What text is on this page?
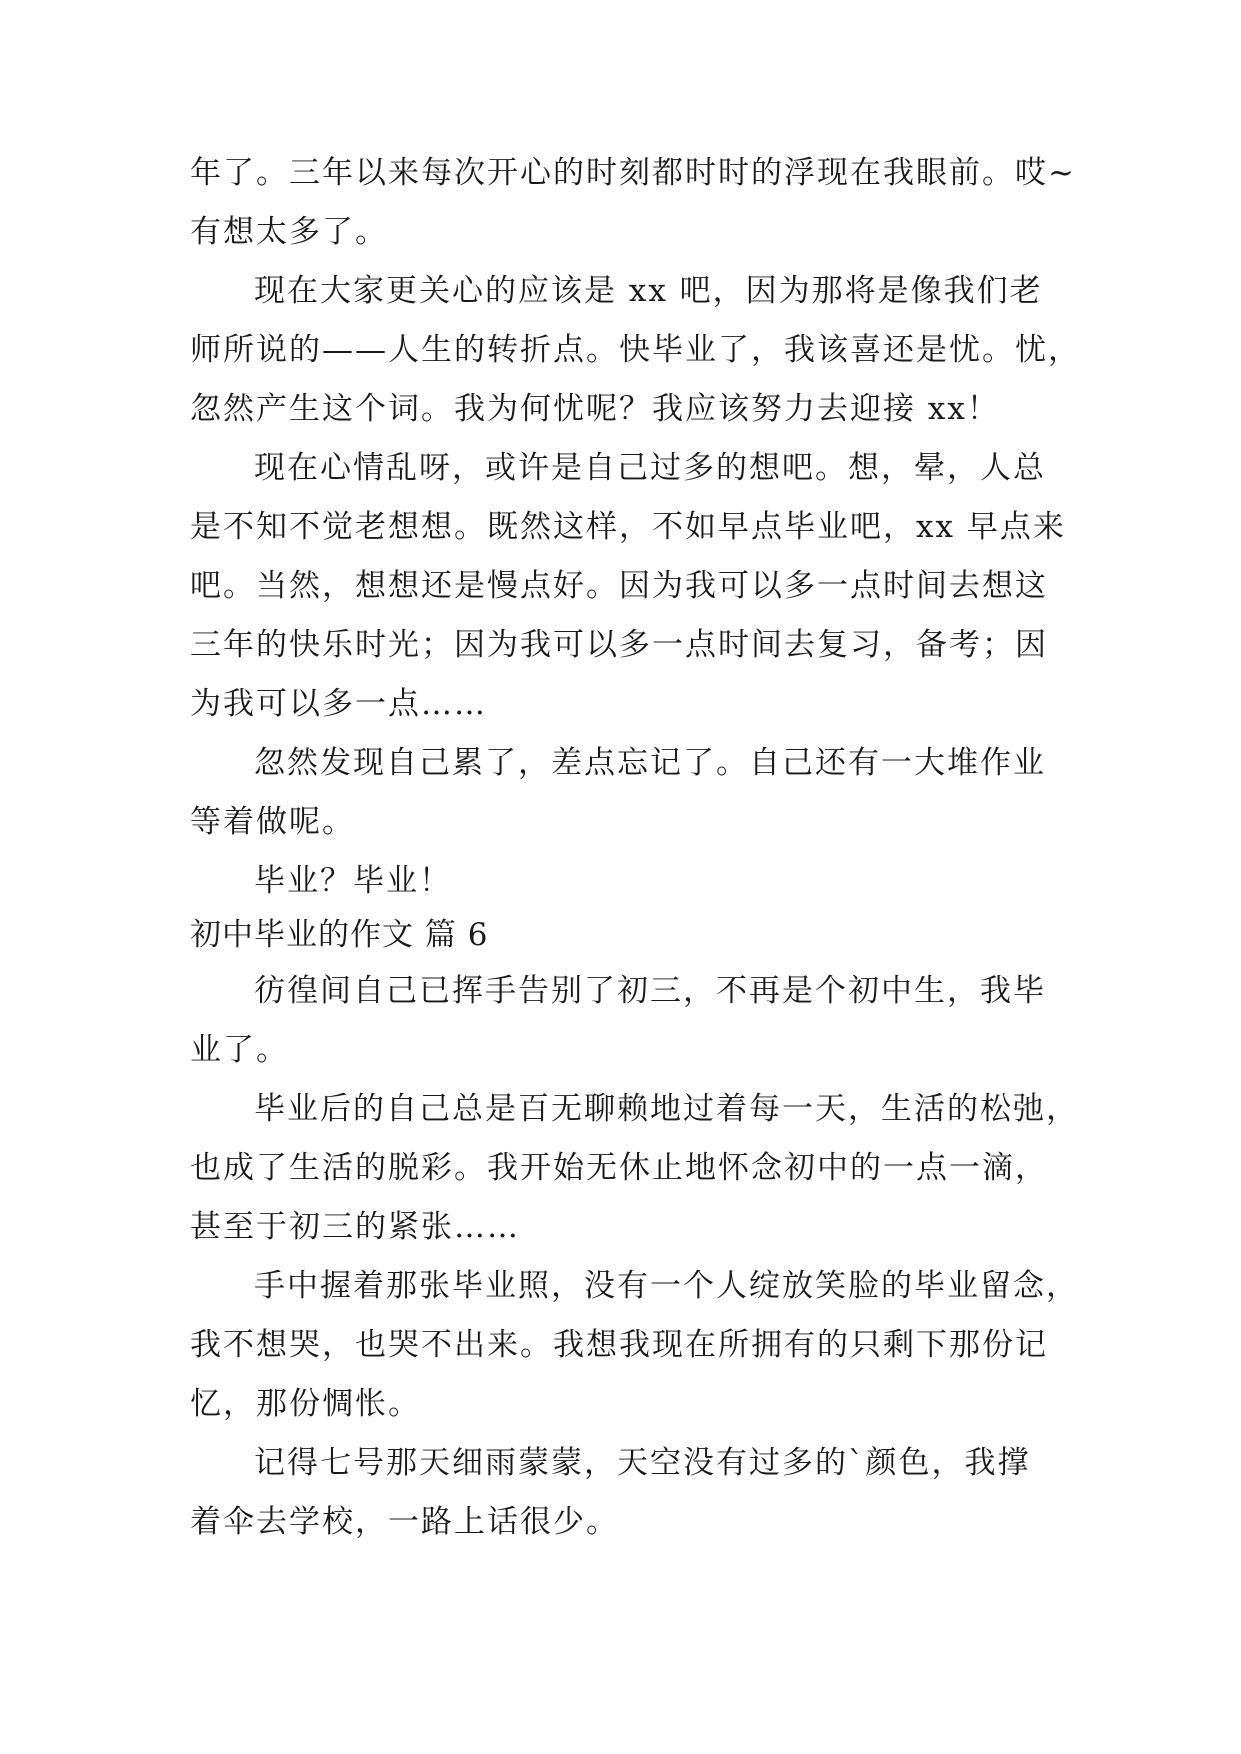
年了。三年以来每次开心的时刻都时时的浮现在我眼前。哎~
有想太多了。
现在大家更关心的应该是 xx 吧，因为那将是像我们老
师所说的——人生的转折点。快毕业了，我该喜还是忧。忧，
忽然产生这个词。我为何忧呢？我应该努力去迎接 xx！
现在心情乱呀，或许是自己过多的想吧。想，晕，人总
是不知不觉老想想。既然这样，不如早点毕业吧，xx 早点来
吧。当然，想想还是慢点好。因为我可以多一点时间去想这
三年的快乐时光；因为我可以多一点时间去复习，备考；因
为我可以多一点……
忽然发现自己累了，差点忘记了。自己还有一大堆作业
等着做呢。
毕业？毕业！
初中毕业的作文 篇 6
彷徨间自己已挥手告别了初三，不再是个初中生，我毕
业了。
毕业后的自己总是百无聊赖地过着每一天，生活的松弛，
也成了生活的脱彩。我开始无休止地怀念初中的一点一滴，
甚至于初三的紧张……
手中握着那张毕业照，没有一个人绽放笑脸的毕业留念，
我不想哭，也哭不出来。我想我现在所拥有的只剩下那份记
忆，那份惆怅。
记得七号那天细雨蒙蒙，天空没有过多的`颜色，我撑
着伞去学校，一路上话很少。
